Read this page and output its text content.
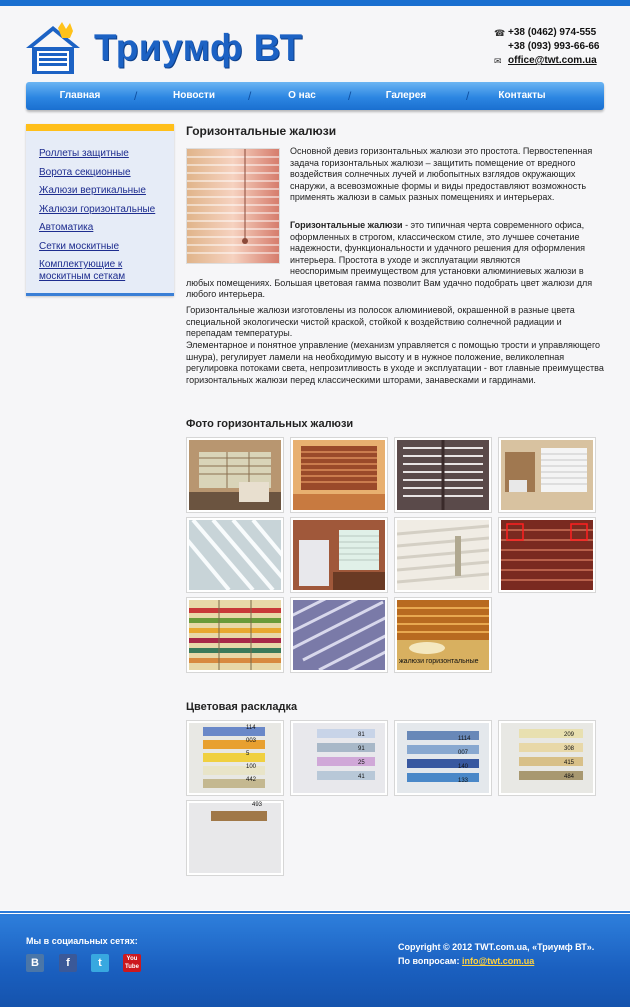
Триумф ВТ	☎ +38 (0462) 974-555
+38 (093) 993-66-66
✉ office@twt.com.ua
Главная	/	Новости	/	О нас	/	Галерея	/	Контакты
Роллеты защитные
Ворота секционные
Жалюзи вертикальные
Жалюзи горизонтальные
Автоматика
Сетки москитные
Комплектующие к москитным сеткам
Горизонтальные жалюзи
Основной девиз горизонтальных жалюзи это простота. Первостепенная задача горизонтальных жалюзи – защитить помещение от вредного воздействия солнечных лучей и любопытных взглядов окружающих снаружи, а всевозможные формы и виды предоставляют возможность применять жалюзи в самых разных помещениях и интерьерах.
Горизонтальные жалюзи - это типичная черта современного офиса, оформленных в строгом, классическом стиле, это лучшее сочетание надежности, функциональности и удачного решения для оформления интерьера. Простота в уходе и эксплуатации являются
неоспоримым преимуществом для установки алюминиевых жалюзи в любых помещениях. Большая цветовая гамма позволит Вам удачно подобрать цвет жалюзи для любого интерьера.
Горизонтальные жалюзи изготовлены из полосок алюминиевой, окрашенной в разные цвета специальной экологически чистой краской, стойкой к воздействию солнечной радиации и перепадам температуры.
Элементарное и понятное управление (механизм управляется с помощью трости и управляющего шнура), регулирует ламели на необходимую высоту и в нужное положение, великолепная регулировка потоками света, непрозитливость в уходе и эксплуатации - вот главные преимущества горизонтальных жалюзи перед классическими шторами, занавесками и гардинами.
Фото горизонтальных жалюзи
жалюзи горизонтальные
Цветовая раскладка
114
003
5
100
442
81
91
25
41
1114
007
140
133
209
308
415
484
493
Мы в социальных сетях:
B	f	t	You Tube
Copyright © 2012 TWT.com.ua, «Триумф ВТ».
По вопросам: info@twt.com.ua
